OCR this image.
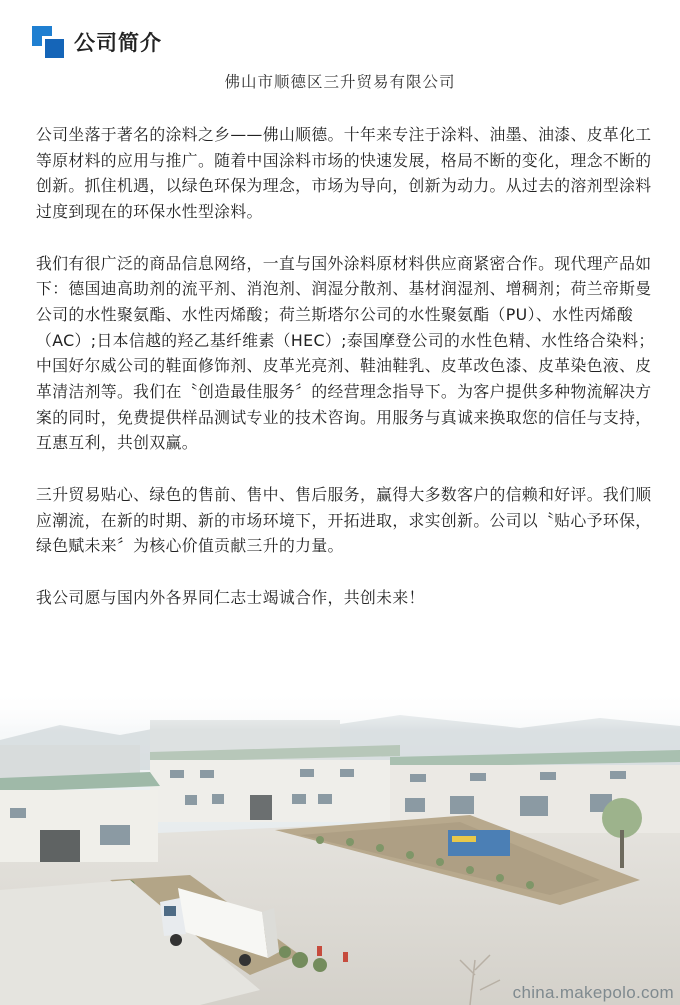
公司简介
佛山市顺德区三升贸易有限公司

公司坐落于著名的涂料之乡——佛山顺德。十年来专注于涂料、油墨、油漆、皮革化工等原材料的应用与推广。随着中国涂料市场的快速发展，格局不断的变化，理念不断的创新。抓住机遇，以绿色环保为理念，市场为导向，创新为动力。从过去的溶剂型涂料过度到现在的环保水性型涂料。

我们有很广泛的商品信息网络，一直与国外涂料原材料供应商紧密合作。现代理产品如下：德国迪高助剂的流平剂、消泡剂、润湿分散剂、基材润湿剂、增稠剂；荷兰帝斯曼公司的水性聚氨酯、水性丙烯酸；荷兰斯塔尔公司的水性聚氨酯（PU）、水性丙烯酸（AC）;日本信越的羟乙基纤维素（HEC）;泰国摩登公司的水性色精、水性络合染料；中国好尔威公司的鞋面修饰剂、皮革光亮剂、鞋油鞋乳、皮革改色漆、皮革染色液、皮革清洁剂等。我们在〝创造最佳服务〞的经营理念指导下。为客户提供多种物流解决方案的同时，免费提供样品测试专业的技术咨询。用服务与真诚来换取您的信任与支持，互惠互利，共创双赢。

三升贸易贴心、绿色的售前、售中、售后服务，赢得大多数客户的信赖和好评。我们顺应潮流，在新的时期、新的市场环境下，开拓进取，求实创新。公司以〝贴心予环保，绿色赋未来〞为核心价值贡献三升的力量。

我公司愿与国内外各界同仁志士竭诚合作，共创未来！

china.makepolo.com
